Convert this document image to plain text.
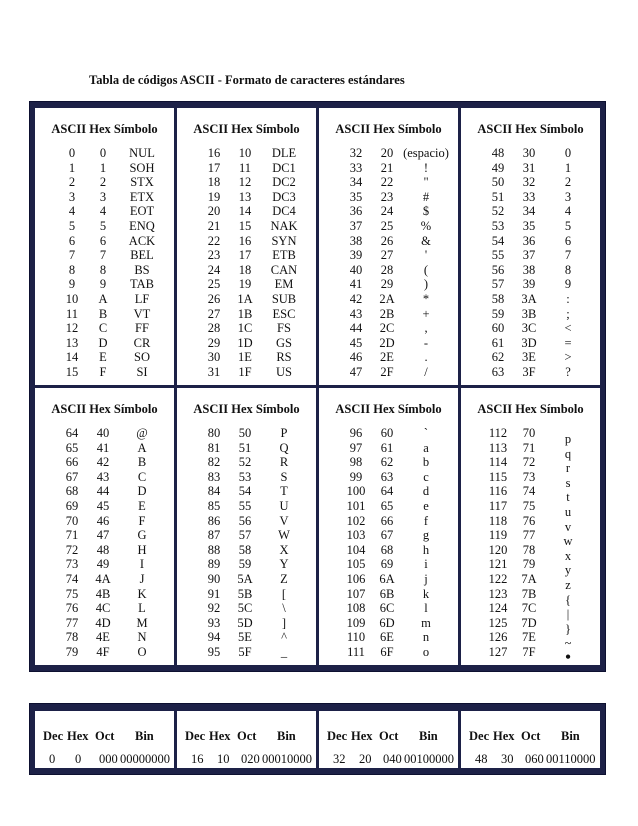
Tabla de códigos ASCII - Formato de caracteres estándares
ASCII Hex Símbolo
0	0	NUL
1	1	SOH
2	2	STX
3	3	ETX
4	4	EOT
5	5	ENQ
6	6	ACK
7	7	BEL
8	8	BS
9	9	TAB
10	A	LF
11	B	VT
12	C	FF
13	D	CR
14	E	SO
15	F	SI
ASCII Hex Símbolo
16	10	DLE
17	11	DC1
18	12	DC2
19	13	DC3
20	14	DC4
21	15	NAK
22	16	SYN
23	17	ETB
24	18	CAN
25	19	EM
26	1A	SUB
27	1B	ESC
28	1C	FS
29	1D	GS
30	1E	RS
31	1F	US
ASCII Hex Símbolo
32	20 (espacio)
33	21	!
34	22	"
35	23	#
36	24	$
37	25	%
38	26	&
39	27	'
40	28	(
41	29	)
42	2A	*
43	2B	+
44	2C	,
45	2D	-
46	2E	.
47	2F	/
ASCII Hex Símbolo
48	30	0
49	31	1
50	32	2
51	33	3
52	34	4
53	35	5
54	36	6
55	37	7
56	38	8
57	39	9
58	3A	:
59	3B	;
60	3C	<
61	3D	=
62	3E	>
63	3F	?
ASCII Hex Símbolo
64	40	@
65	41	A
66	42	B
67	43	C
68	44	D
69	45	E
70	46	F
71	47	G
72	48	H
73	49	I
74	4A	J
75	4B	K
76	4C	L
77	4D	M
78	4E	N
79	4F	O
ASCII Hex Símbolo
80	50	P
81	51	Q
82	52	R
83	53	S
84	54	T
85	55	U
86	56	V
87	57	W
88	58	X
89	59	Y
90	5A	Z
91	5B	[
92	5C	\
93	5D	]
94	5E	^
95	5F	_
ASCII Hex Símbolo
96	60	`
97	61	a
98	62	b
99	63	c
100	64	d
101	65	e
102	66	f
103	67	g
104	68	h
105	69	i
106	6A	j
107	6B	k
108	6C	l
109	6D	m
110	6E	n
111	6F	o
ASCII Hex Símbolo
112	70	p
113	71	q
114	72	r
115	73	s
116	74	t
117	75	u
118	76	v
119	77	w
120	78	x
121	79	y
122	7A	z
123	7B	{
124	7C	|
125	7D	}
126	7E	~
127	7F	•
Dec Hex Oct Bin
0 0 000 00000000
Dec Hex Oct Bin
16 10 020 00010000
Dec Hex Oct Bin
32 20 040 00100000
Dec Hex Oct Bin
48 30 060 00110000
